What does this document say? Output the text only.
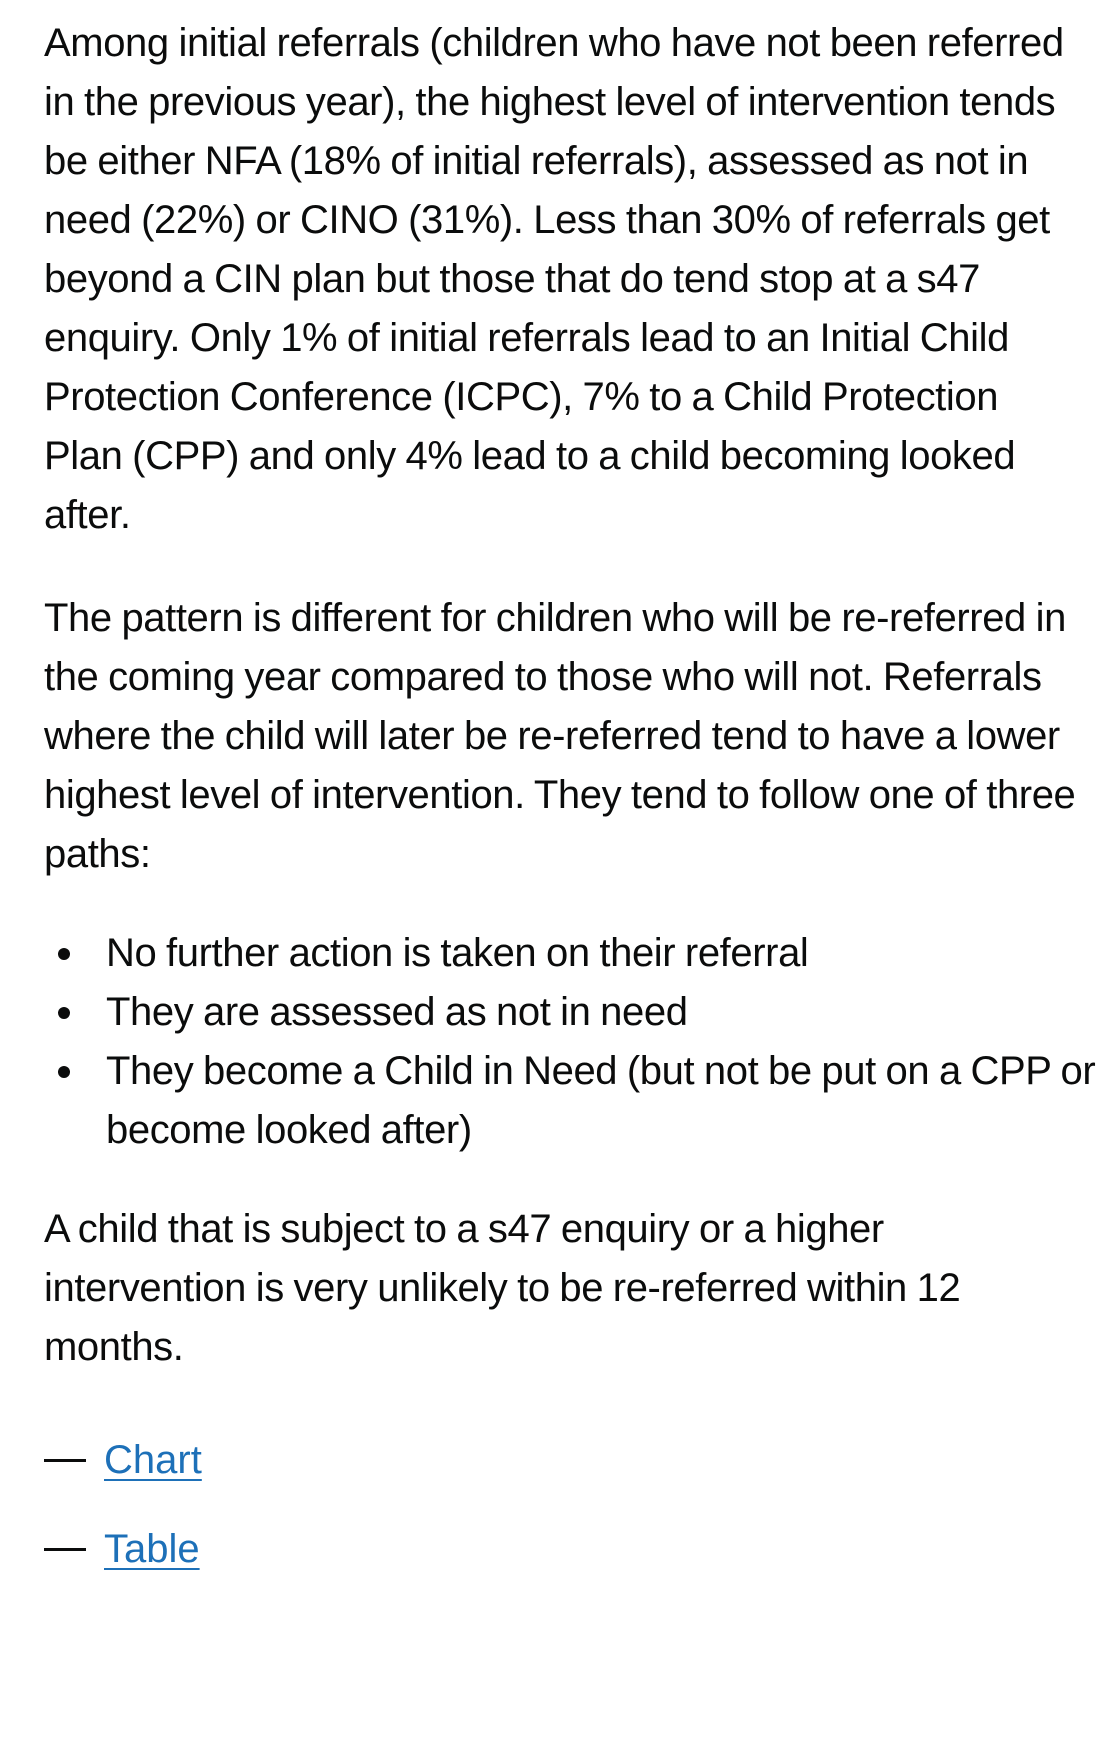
Among initial referrals (children who have not been referred in the previous year), the highest level of intervention tends be either NFA (18% of initial referrals), assessed as not in need (22%) or CINO (31%). Less than 30% of referrals get beyond a CIN plan but those that do tend stop at a s47 enquiry. Only 1% of initial referrals lead to an Initial Child Protection Conference (ICPC), 7% to a Child Protection Plan (CPP) and only 4% lead to a child becoming looked after.

The pattern is different for children who will be re-referred in the coming year compared to those who will not. Referrals where the child will later be re-referred tend to have a lower highest level of intervention. They tend to follow one of three paths:

No further action is taken on their referral
They are assessed as not in need
They become a Child in Need (but not be put on a CPP or become looked after)

A child that is subject to a s47 enquiry or a higher intervention is very unlikely to be re-referred within 12 months.

Chart
Table
